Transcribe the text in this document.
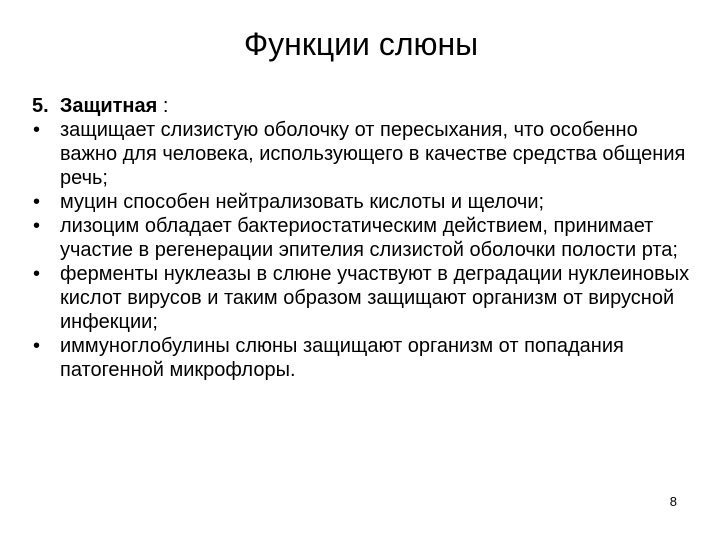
Функции слюны
5. Защитная :
• защищает слизистую оболочку от пересыхания, что особенно важно для человека, использующего в качестве средства общения речь;
• муцин способен нейтрализовать кислоты и щелочи;
• лизоцим обладает бактериостатическим действием, принимает участие в регенерации эпителия слизистой оболочки полости рта;
• ферменты нуклеазы в слюне участвуют в деградации нуклеиновых кислот вирусов и таким образом защищают организм от вирусной инфекции;
• иммуноглобулины слюны защищают организм от попадания патогенной микрофлоры.
8
